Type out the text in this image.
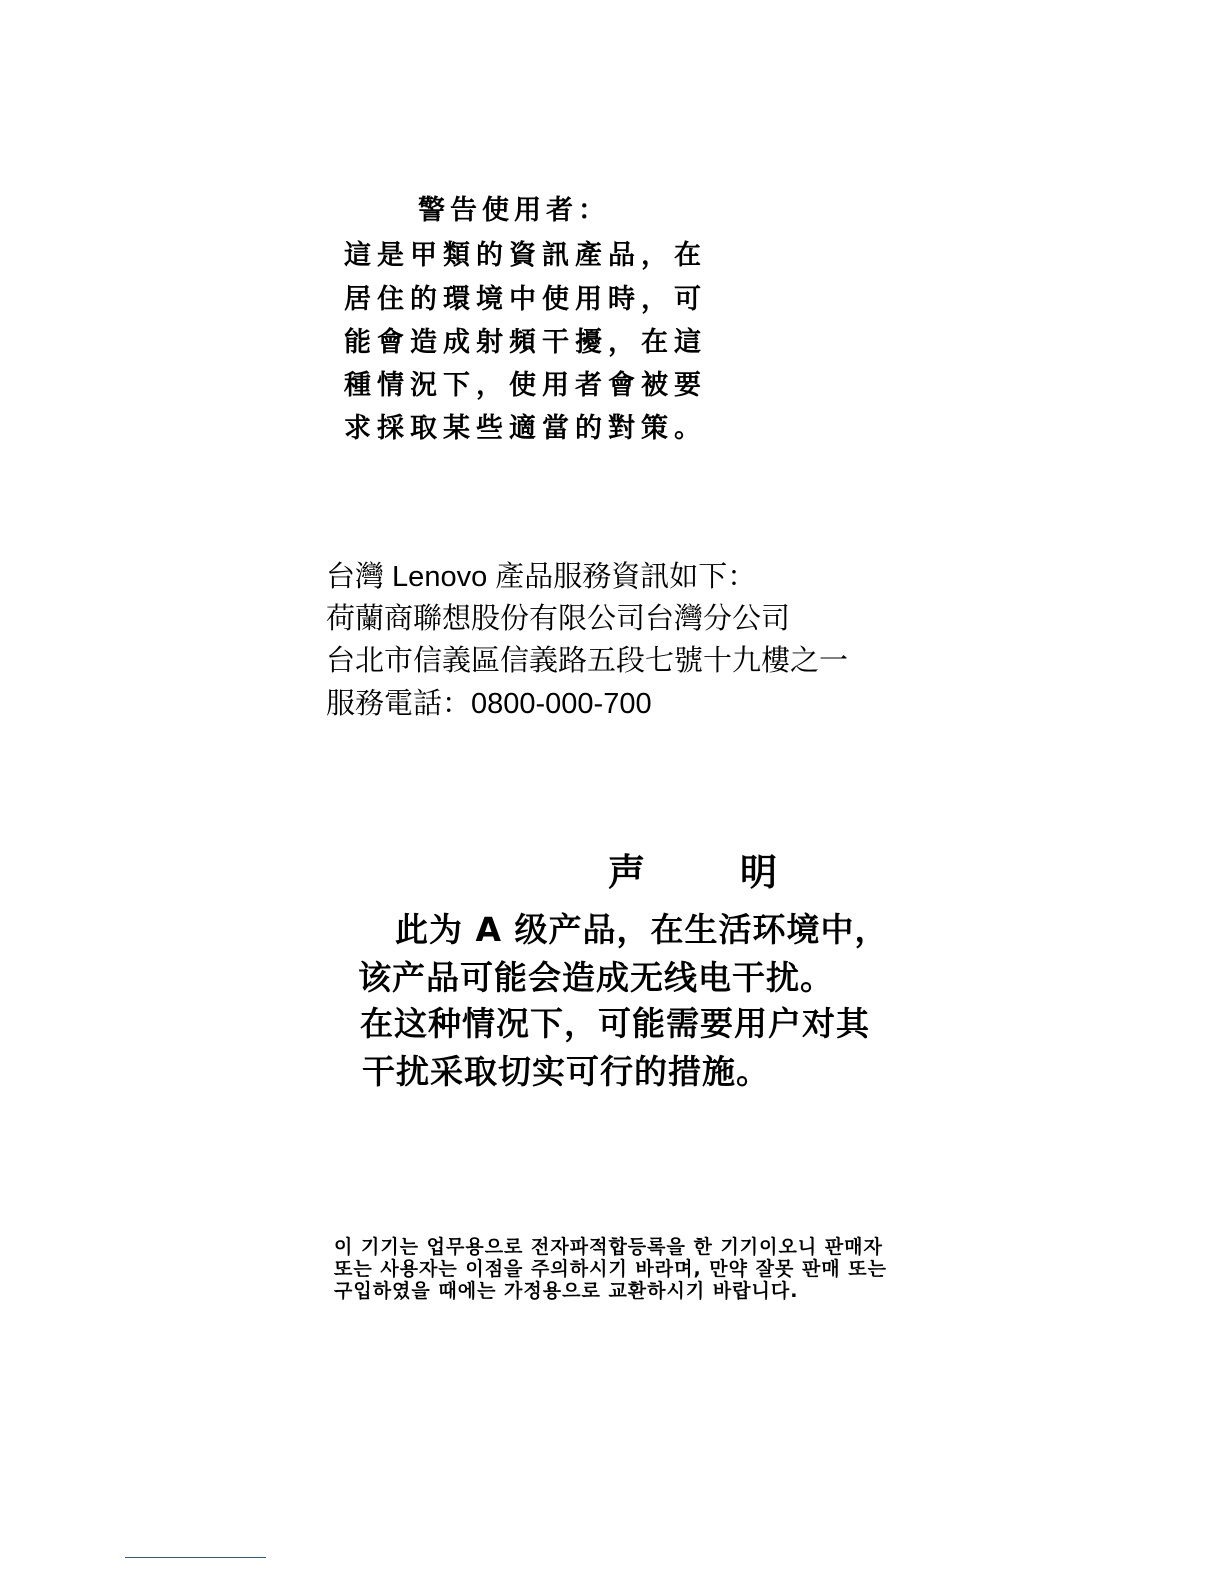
警告使用者：
這是甲類的資訊產品，在
居住的環境中使用時，可
能會造成射頻干擾，在這
種情況下，使用者會被要
求採取某些適當的對策。
台灣 Lenovo 產品服務資訊如下：
荷蘭商聯想股份有限公司台灣分公司
台北市信義區信義路五段七號十九樓之一
服務電話：0800-000-700
声	明
此为 A 级产品，在生活环境中，
该产品可能会造成无线电干扰。
在这种情况下，可能需要用户对其
干扰采取切实可行的措施。
이 기기는 업무용으로 전자파적합등록을 한 기기이오니 판매자
또는 사용자는 이점을 주의하시기 바라며, 만약 잘못 판매 또는
구입하였을 때에는 가정용으로 교환하시기 바랍니다.
